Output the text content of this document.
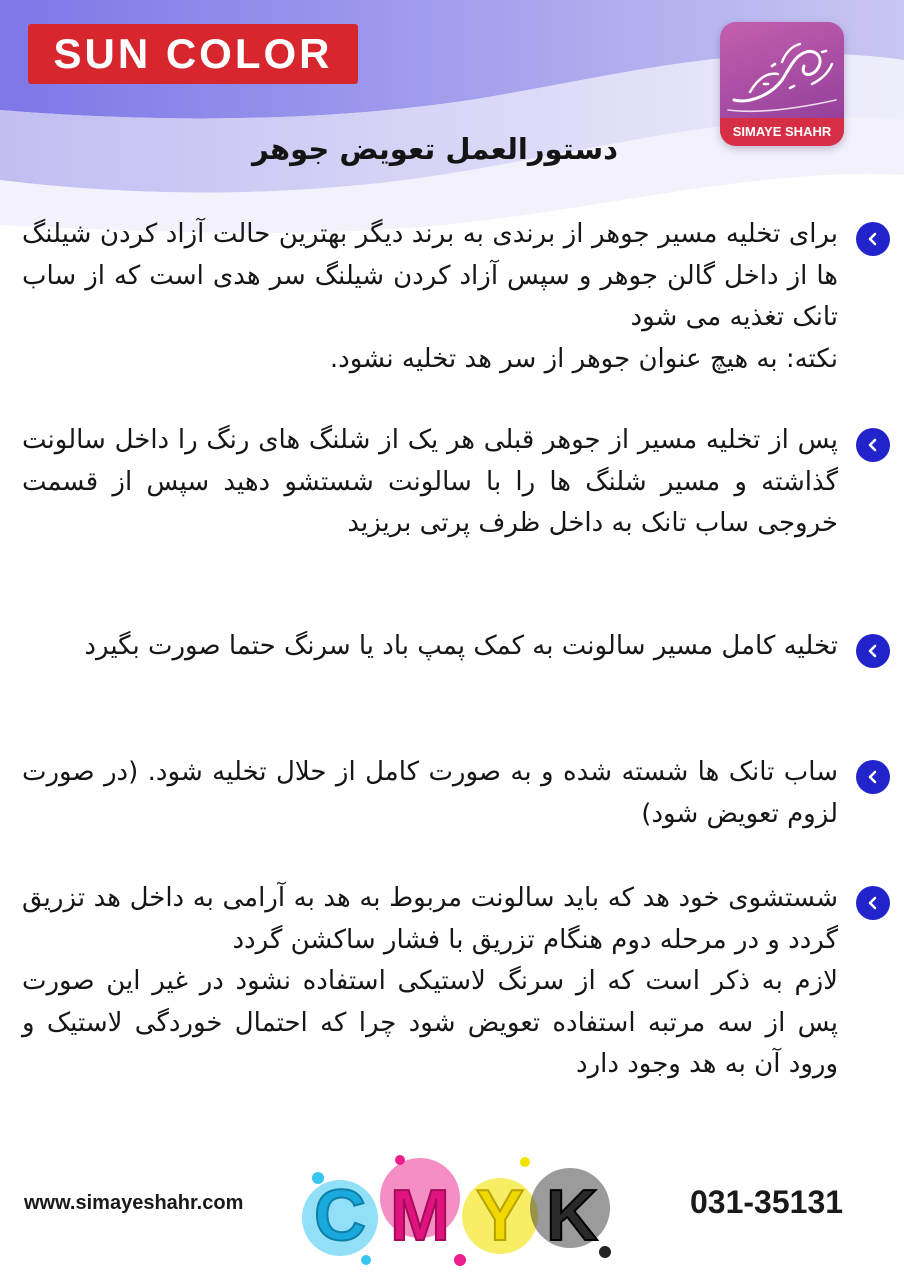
SUN COLOR
SIMAYE SHAHR
دستورالعمل تعویض جوهر
برای تخلیه مسیر جوهر از برندی به برند دیگر بهترین حالت آزاد کردن شیلنگ ها از داخل گالن جوهر و سپس آزاد کردن شیلنگ سر هدی است که از ساب تانک تغذیه می شود
نکته: به هیچ عنوان جوهر از سر هد تخلیه نشود.
پس از تخلیه مسیر از جوهر قبلی هر یک از شلنگ های رنگ را داخل سالونت گذاشته و مسیر شلنگ ها را با سالونت شستشو دهید سپس از قسمت خروجی ساب تانک به داخل ظرف پرتی بریزید
تخلیه کامل مسیر سالونت به کمک پمپ باد یا سرنگ حتما صورت بگیرد
ساب تانک ها شسته شده و به صورت کامل از حلال تخلیه شود. (در صورت لزوم تعویض شود)
شستشوی خود هد که باید سالونت مربوط به هد به آرامی به داخل هد تزریق گردد و در مرحله دوم هنگام تزریق با فشار ساکشن گردد
لازم به ذکر است که از سرنگ لاستیکی استفاده نشود در غیر این صورت پس از سه مرتبه استفاده تعویض شود چرا که احتمال خوردگی لاستیک و ورود آن به هد وجود دارد
www.simayeshahr.com C M Y K	031-35131
